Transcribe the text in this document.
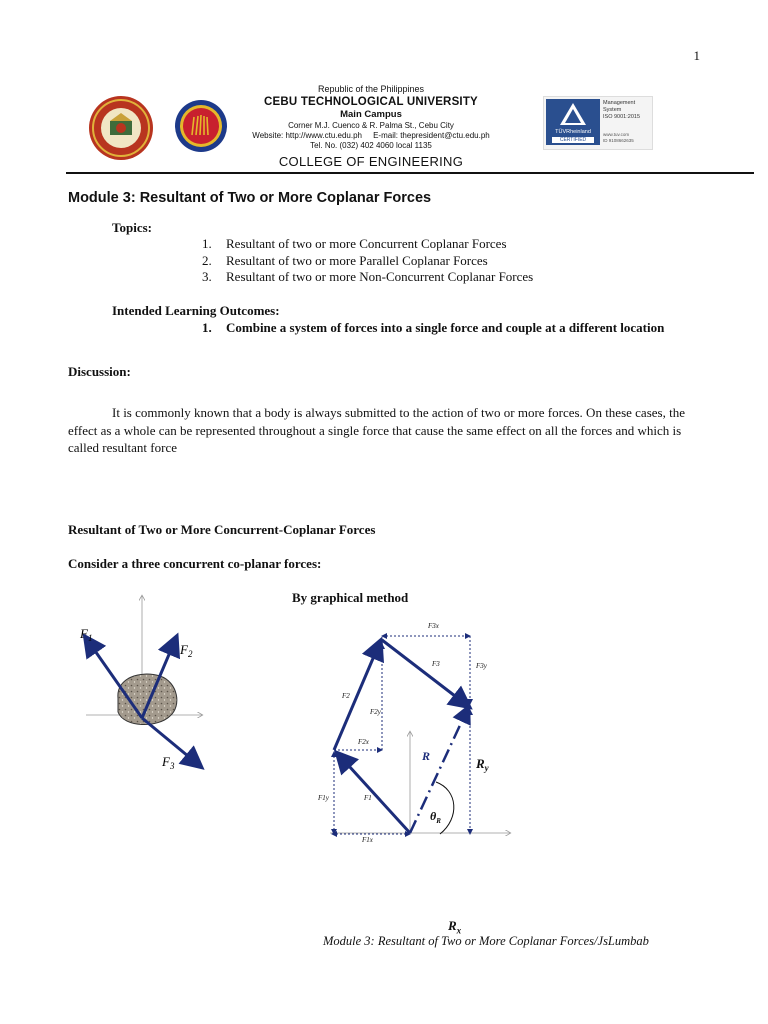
1
Republic of the Philippines
CEBU TECHNOLOGICAL UNIVERSITY
Main Campus
Corner M.J. Cuenco & R. Palma St., Cebu City
Website: http://www.ctu.edu.ph     E-mail: thepresident@ctu.edu.ph
Tel. No. (032) 402 4060 local 1135
COLLEGE OF ENGINEERING
TÜVRheinland
CERTIFIED
Management
System
ISO 9001:2015
www.tuv.com
ID 9108662635
Module 3: Resultant of Two or More Coplanar Forces
Topics:
1. Resultant of two or more Concurrent Coplanar Forces
2. Resultant of two or more Parallel Coplanar Forces
3. Resultant of two or more Non-Concurrent Coplanar Forces
Intended Learning Outcomes:
1. Combine a system of forces into a single force and couple at a different location
Discussion:
It is commonly known that a body is always submitted to the action of two or more forces. On these cases, the effect as a whole can be represented throughout a single force that cause the same effect on all the forces and which is called resultant force
Resultant of Two or More Concurrent-Coplanar Forces
Consider a three concurrent co-planar forces:
By graphical method
$F_1$
$F_2$
$F_3$
F3x
F3	F3y
F2
F2y
F2x
R	$R_y$
F1y	F1
F1x
$\theta_R$
$R_x$
Module 3: Resultant of Two or More Coplanar Forces/JsLumbab
